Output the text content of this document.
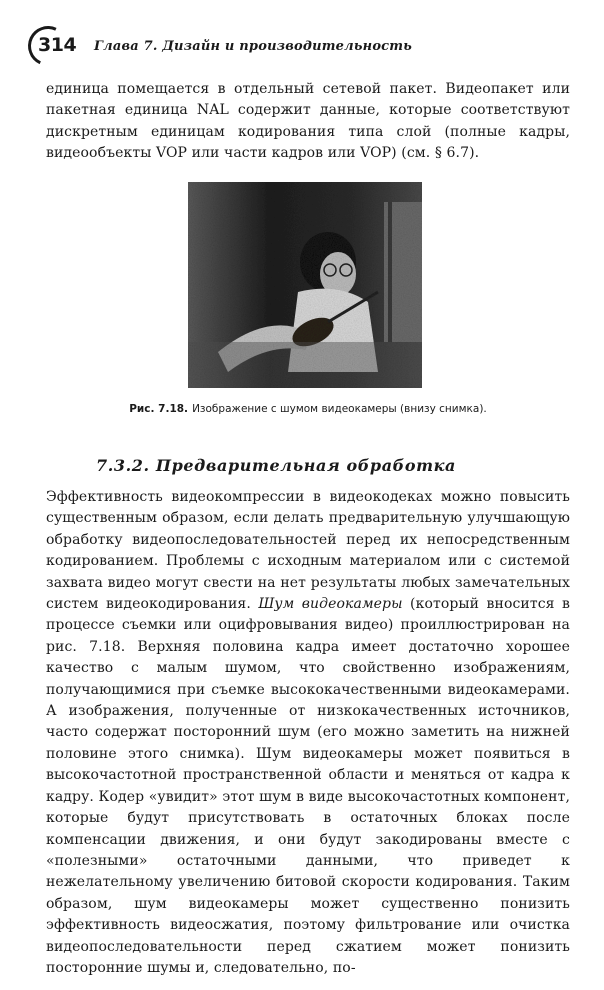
314 Глава 7. Дизайн и производительность
единица помещается в отдельный сетевой пакет. Видеопакет или пакетная единица NAL содержит данные, которые соответствуют дискретным единицам кодирования типа слой (полные кадры, видеообъекты VOP или части кадров или VOP) (см. § 6.7).
Рис. 7.18. Изображение с шумом видеокамеры (внизу снимка).
7.3.2. Предварительная обработка
Эффективность видеокомпрессии в видеокодеках можно повысить существенным образом, если делать предварительную улучшающую обработку видеопоследовательностей перед их непосредственным кодированием. Проблемы с исходным материалом или с системой захвата видео могут свести на нет результаты любых замечательных систем видеокодирования. Шум видеокамеры (который вносится в процессе съемки или оцифровывания видео) проиллюстрирован на рис. 7.18. Верхняя половина кадра имеет достаточно хорошее качество с малым шумом, что свойственно изображениям, получающимися при съемке высококачественными видеокамерами. А изображения, полученные от низкокачественных источников, часто содержат посторонний шум (его можно заметить на нижней половине этого снимка). Шум видеокамеры может появиться в высокочастотной пространственной области и меняться от кадра к кадру. Кодер «увидит» этот шум в виде высокочастотных компонент, которые будут присутствовать в остаточных блоках после компенсации движения, и они будут закодированы вместе с «полезными» остаточными данными, что приведет к нежелательному увеличению битовой скорости кодирования. Таким образом, шум видеокамеры может существенно понизить эффективность видеосжатия, поэтому фильтрование или очистка видеопоследовательности перед сжатием может понизить посторонние шумы и, следовательно, по-
